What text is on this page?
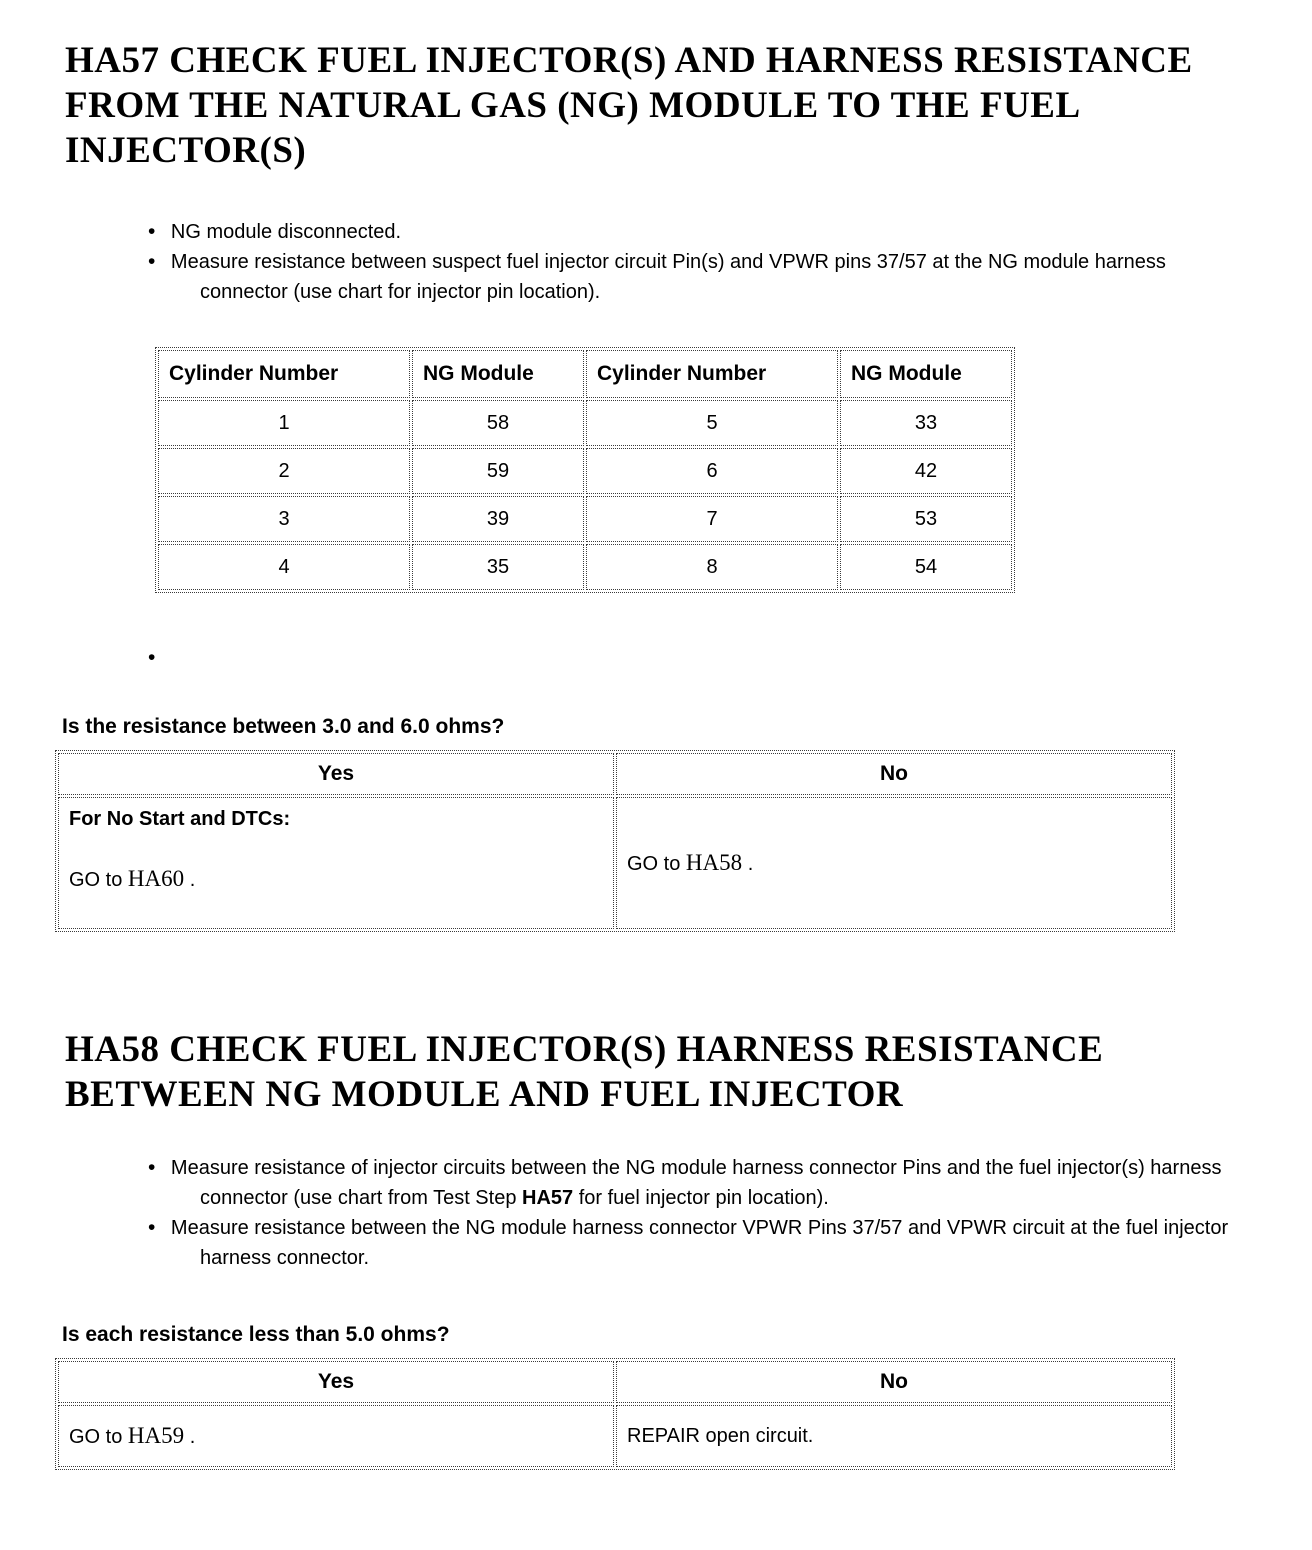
HA57 CHECK FUEL INJECTOR(S) AND HARNESS RESISTANCE FROM THE NATURAL GAS (NG) MODULE TO THE FUEL INJECTOR(S)
• NG module disconnected.
• Measure resistance between suspect fuel injector circuit Pin(s) and VPWR pins 37/57 at the NG module harness connector (use chart for injector pin location).
Cylinder Number	NG Module	Cylinder Number	NG Module
1	58	5	33
2	59	6	42
3	39	7	53
4	35	8	54
•
Is the resistance between 3.0 and 6.0 ohms?
Yes	No

For No Start and DTCs:
GO to HA60 .	GO to HA58 .
HA58 CHECK FUEL INJECTOR(S) HARNESS RESISTANCE BETWEEN NG MODULE AND FUEL INJECTOR
• Measure resistance of injector circuits between the NG module harness connector Pins and the fuel injector(s) harness connector (use chart from Test Step HA57 for fuel injector pin location).
• Measure resistance between the NG module harness connector VPWR Pins 37/57 and VPWR circuit at the fuel injector harness connector.
Is each resistance less than 5.0 ohms?
Yes	No
GO to HA59 .	REPAIR open circuit.
